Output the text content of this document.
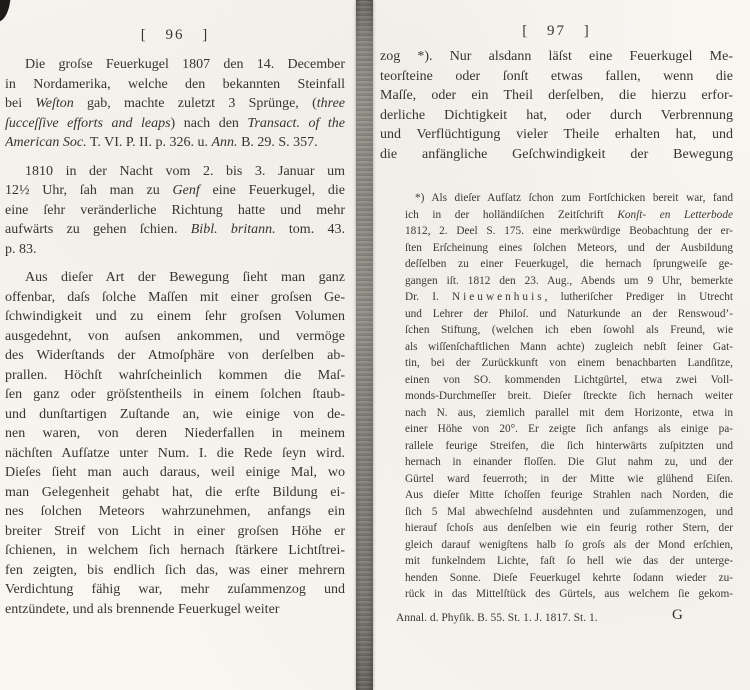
[ 96 ]
Die groſse Feuerkugel 1807 den 14. December
in Nordamerika, welche den bekannten Steinfall
bei Weſton gab, machte zuletzt 3 Sprünge, (three
ſucceſſive efforts and leaps) nach den Transact. of the
American Soc. T. VI. P. II. p. 326. u. Ann. B. 29. S. 357.
1810 in der Nacht vom 2. bis 3. Januar um
12½ Uhr, ſah man zu Genf eine Feuerkugel, die
eine ſehr veränderliche Richtung hatte und mehr
aufwärts zu gehen ſchien. Bibl. britann. tom. 43.
p. 83.
Aus dieſer Art der Bewegung ſieht man ganz
offenbar, daſs ſolche Maſſen mit einer groſsen Ge-
ſchwindigkeit und zu einem ſehr groſsen Volumen
ausgedehnt, von auſsen ankommen, und vermöge
des Widerſtands der Atmoſphäre von derſelben ab-
prallen. Höchſt wahrſcheinlich kommen die Maſ-
ſen ganz oder gröſstentheils in einem ſolchen ſtaub-
und dunſtartigen Zuſtande an, wie einige von de-
nen waren, von deren Niederfallen in meinem
nächſten Aufſatze unter Num. I. die Rede ſeyn wird.
Dieſes ſieht man auch daraus, weil einige Mal, wo
man Gelegenheit gehabt hat, die erſte Bildung ei-
nes ſolchen Meteors wahrzunehmen, anfangs ein
breiter Streif von Licht in einer groſsen Höhe er
ſchienen, in welchem ſich hernach ſtärkere Lichtſtrei-
fen zeigten, bis endlich ſich das, was einer mehrern
Verdichtung fähig war, mehr zuſammenzog und
entzündete, und als brennende Feuerkugel weiter
[ 97 ]
zog *). Nur alsdann läſst eine Feuerkugel Me-
teorſteine oder ſonſt etwas fallen, wenn die
Maſſe, oder ein Theil derſelben, die hierzu erfor-
derliche Dichtigkeit hat, oder durch Verbrennung
und Verflüchtigung vieler Theile erhalten hat, und
die anfängliche Geſchwindigkeit der Bewegung
*) Als dieſer Aufſatz ſchon zum Fortſchicken bereit war, fand
ich in der holländiſchen Zeitſchrift Konſt- en Letterbode
1812, 2. Deel S. 175. eine merkwürdige Beobachtung der er-
ſten Erſcheinung eines ſolchen Meteors, und der Ausbildung
deſſelben zu einer Feuerkugel, die hernach ſprungweiſe ge-
gangen iſt. 1812 den 23. Aug., Abends um 9 Uhr, bemerkte
Dr. I. Nieuwenhuis, lutheriſcher Prediger in Utrecht
und Lehrer der Philoſ. und Naturkunde an der Renswoud’-
ſchen Stiftung, (welchen ich eben ſowohl als Freund, wie
als wiſſenſchaftlichen Mann achte) zugleich nebſt ſeiner Gat-
tin, bei der Zurückkunft von einem benachbarten Landſitze,
einen von SO. kommenden Lichtgürtel, etwa zwei Voll-
monds-Durchmeſſer breit. Dieſer ſtreckte ſich hernach weiter
nach N. aus, ziemlich parallel mit dem Horizonte, etwa in
einer Höhe von 20°. Er zeigte ſich anfangs als einige pa-
rallele feurige Streifen, die ſich hinterwärts zuſpitzten und
hernach in einander floſſen. Die Glut nahm zu, und der
Gürtel ward feuerroth; in der Mitte wie glühend Eiſen.
Aus dieſer Mitte ſchoſſen feurige Strahlen nach Norden, die
ſich 5 Mal abwechſelnd ausdehnten und zuſammenzogen, und
hierauf ſchoſs aus denſelben wie ein feurig rother Stern, der
gleich darauf wenigſtens halb ſo groſs als der Mond erſchien,
mit funkelndem Lichte, faſt ſo hell wie das der unterge-
henden Sonne. Dieſe Feuerkugel kehrte ſodann wieder zu-
rück in das Mittelſtück des Gürtels, aus welchem ſie gekom-
Annal. d. Phyſik. B. 55. St. 1. J. 1817. St. 1.	G
